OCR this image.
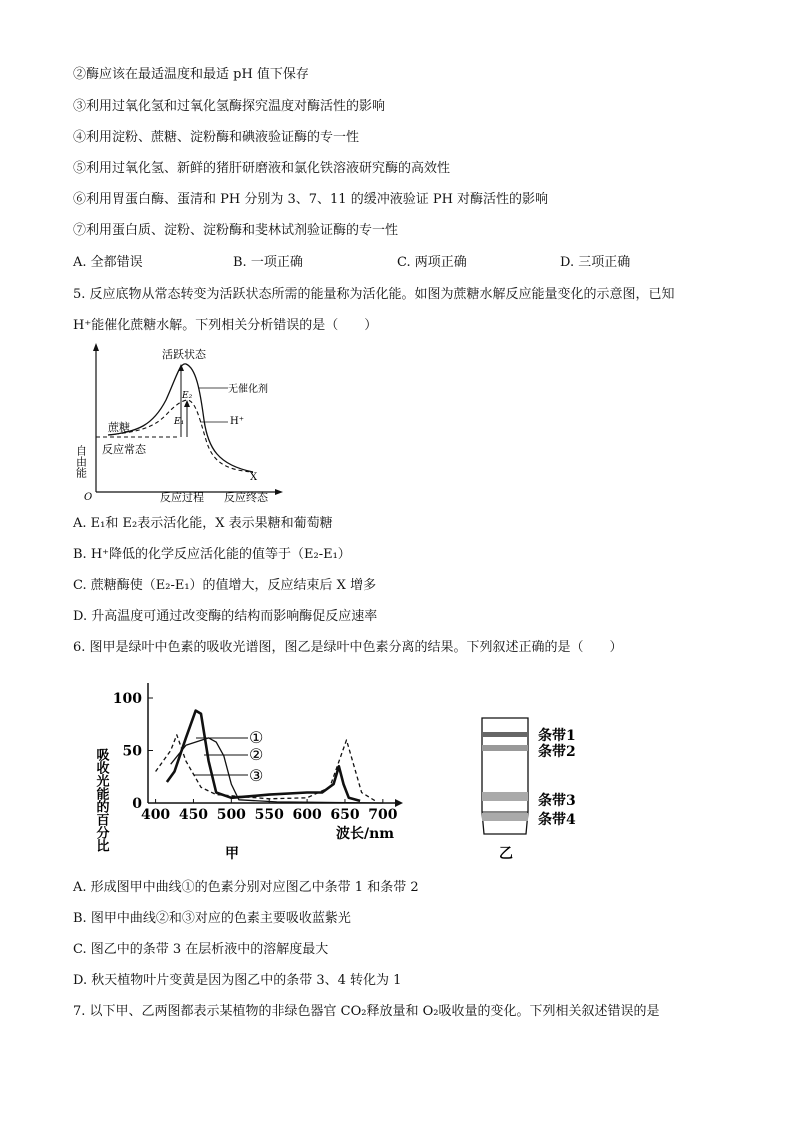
②酶应该在最适温度和最适 pH 值下保存
③利用过氧化氢和过氧化氢酶探究温度对酶活性的影响
④利用淀粉、蔗糖、淀粉酶和碘液验证酶的专一性
⑤利用过氧化氢、新鲜的猪肝研磨液和氯化铁溶液研究酶的高效性
⑥利用胃蛋白酶、蛋清和 PH 分别为 3、7、11 的缓冲液验证 PH 对酶活性的影响
⑦利用蛋白质、淀粉、淀粉酶和斐林试剂验证酶的专一性
A. 全都错误	B. 一项正确	C. 两项正确	D. 三项正确
5. 反应底物从常态转变为活跃状态所需的能量称为活化能。如图为蔗糖水解反应能量变化的示意图，已知
H⁺能催化蔗糖水解。下列相关分析错误的是（　　）
活跃状态
无催化剂
H⁺
E₂
E₁
蔗糖
反应常态
自由能	X
O	反应过程 反应终态
A. E₁和 E₂表示活化能，X 表示果糖和葡萄糖
B. H⁺降低的化学反应活化能的值等于（E₂-E₁）
C. 蔗糖酶使（E₂-E₁）的值增大，反应结束后 X 增多
D. 升高温度可通过改变酶的结构而影响酶促反应速率
6. 图甲是绿叶中色素的吸收光谱图，图乙是绿叶中色素分离的结果。下列叙述正确的是（　　）
吸收光能的百分比 0
50
100
400 450 500 550 600 650 700
①
②
③
波长/nm
甲
条带1
条带2
条带3
条带4
乙
A. 形成图甲中曲线①的色素分别对应图乙中条带 1 和条带 2
B. 图甲中曲线②和③对应的色素主要吸收蓝紫光
C. 图乙中的条带 3 在层析液中的溶解度最大
D. 秋天植物叶片变黄是因为图乙中的条带 3、4 转化为 1
7. 以下甲、乙两图都表示某植物的非绿色器官 CO₂释放量和 O₂吸收量的变化。下列相关叙述错误的是
